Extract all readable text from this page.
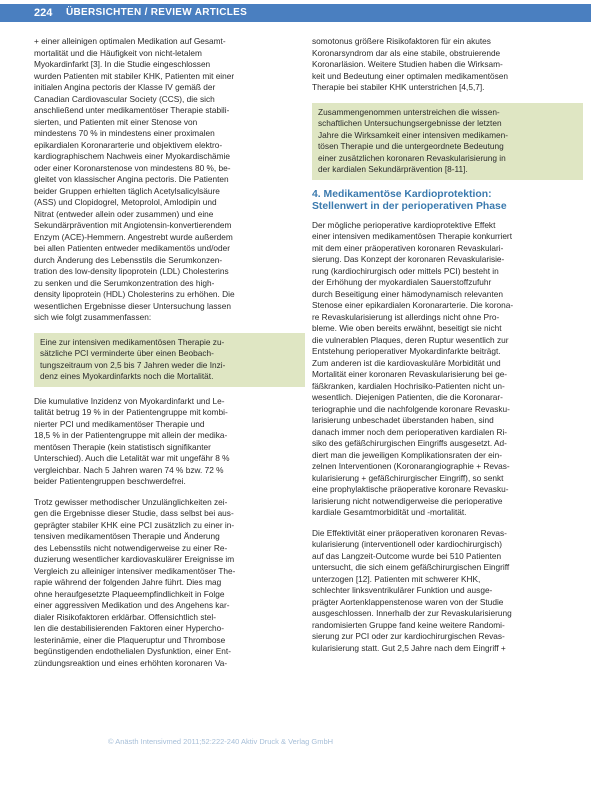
224 ÜBERSICHTEN / REVIEW ARTICLES

+ einer alleinigen optimalen Medikation auf Gesamt-
mortalität und die Häufigkeit von nicht-letalem
Myokardinfarkt [3]. In die Studie eingeschlossen
wurden Patienten mit stabiler KHK, Patienten mit einer
initialen Angina pectoris der Klasse IV gemäß der
Canadian Cardiovascular Society (CCS), die sich
anschließend unter medikamentöser Therapie stabili-
sierten, und Patienten mit einer Stenose von
mindestens 70 % in mindestens einer proximalen
epikardialen Koronararterie und objektivem elektro-
kardiographischem Nachweis einer Myokardischämie
oder einer Koronarstenose von mindestens 80 %, be-
gleitet von klassischer Angina pectoris. Die Patienten
beider Gruppen erhielten täglich Acetylsalicylsäure
(ASS) und Clopidogrel, Metoprolol, Amlodipin und
Nitrat (entweder allein oder zusammen) und eine
Sekundärprävention mit Angiotensin-konvertierendem
Enzym (ACE)-Hemmern. Angestrebt wurde außerdem
bei allen Patienten entweder medikamentös und/oder
durch Änderung des Lebensstils die Serumkonzen-
tration des low-density lipoprotein (LDL) Cholesterins
zu senken und die Serumkonzentration des high-
density lipoprotein (HDL) Cholesterins zu erhöhen. Die
wesentlichen Ergebnisse dieser Untersuchung lassen
sich wie folgt zusammenfassen:

Eine zur intensiven medikamentösen Therapie zu-
sätzliche PCI verminderte über einen Beobach-
tungszeitraum von 2,5 bis 7 Jahren weder die Inzi-
denz eines Myokardinfarkts noch die Mortalität.

Die kumulative Inzidenz von Myokardinfarkt und Le-
talität betrug 19 % in der Patientengruppe mit kombi-
nierter PCI und medikamentöser Therapie und
18,5 % in der Patientengruppe mit allein der medika-
mentösen Therapie (kein statistisch signifikanter
Unterschied). Auch die Letalität war mit ungefähr 8 %
vergleichbar. Nach 5 Jahren waren 74 % bzw. 72 %
beider Patientengruppen beschwerdefrei.

Trotz gewisser methodischer Unzulänglichkeiten zei-
gen die Ergebnisse dieser Studie, dass selbst bei aus-
geprägter stabiler KHK eine PCI zusätzlich zu einer in-
tensiven medikamentösen Therapie und Änderung
des Lebensstils nicht notwendigerweise zu einer Re-
duzierung wesentlicher kardiovaskulärer Ereignisse im
Vergleich zu alleiniger intensiver medikamentöser The-
rapie während der folgenden Jahre führt. Dies mag
ohne heraufgesetzte Plaqueempfindlichkeit in Folge
einer aggressiven Medikation und des Angehens kar-
dialer Risikofaktoren erklärbar. Offensichtlich stel-
len die destabilisierenden Faktoren einer Hypercho-
lesterinämie, einer die Plaqueruptur und Thrombose
begünstigenden endothelialen Dysfunktion, einer Ent-
zündungsreaktion und eines erhöhten koronaren Va-

somotonus größere Risikofaktoren für ein akutes
Koronarsyndrom dar als eine stabile, obstruierende
Koronarläsion. Weitere Studien haben die Wirksam-
keit und Bedeutung einer optimalen medikamentösen
Therapie bei stabiler KHK unterstrichen [4,5,7].

Zusammengenommen unterstreichen die wissen-
schaftlichen Untersuchungsergebnisse der letzten
Jahre die Wirksamkeit einer intensiven medikamen-
tösen Therapie und die untergeordnete Bedeutung
einer zusätzlichen koronaren Revaskularisierung in
der kardialen Sekundärprävention [8-11].
4. Medikamentöse Kardioprotektion:
Stellenwert in der perioperativen Phase

Der mögliche perioperative kardioprotektive Effekt
einer intensiven medikamentösen Therapie konkurriert
mit dem einer präoperativen koronaren Revaskulari-
sierung. Das Konzept der koronaren Revaskularisie-
rung (kardiochirurgisch oder mittels PCI) besteht in
der Erhöhung der myokardialen Sauerstoffzufuhr
durch Beseitigung einer hämodynamisch relevanten
Stenose einer epikardialen Koronararterie. Die korona-
re Revaskularisierung ist allerdings nicht ohne Pro-
bleme. Wie oben bereits erwähnt, beseitigt sie nicht
die vulnerablen Plaques, deren Ruptur wesentlich zur
Entstehung perioperativer Myokardinfarkte beiträgt.
Zum anderen ist die kardiovaskuläre Morbidität und
Mortalität einer koronaren Revaskularisierung bei ge-
fäßkranken, kardialen Hochrisiko-Patienten nicht un-
wesentlich. Diejenigen Patienten, die die Koronarar-
teriographie und die nachfolgende koronare Revasku-
larisierung unbeschadet überstanden haben, sind
danach immer noch dem perioperativen kardialen Ri-
siko des gefäßchirurgischen Eingriffs ausgesetzt. Ad-
diert man die jeweiligen Komplikationsraten der ein-
zelnen Interventionen (Koronarangiographie + Revas-
kularisierung + gefäßchirurgischer Eingriff), so senkt
eine prophylaktische präoperative koronare Revasku-
larisierung nicht notwendigerweise die perioperative
kardiale Gesamtmorbidität und -mortalität.

Die Effektivität einer präoperativen koronaren Revas-
kularisierung (interventionell oder kardiochirurgisch)
auf das Langzeit-Outcome wurde bei 510 Patienten
untersucht, die sich einem gefäßchirurgischen Eingriff
unterzogen [12]. Patienten mit schwerer KHK,
schlechter linksventrikulärer Funktion und ausge-
prägter Aortenklappenstenose waren von der Studie
ausgeschlossen. Innerhalb der zur Revaskularisierung
randomisierten Gruppe fand keine weitere Randomi-
sierung zur PCI oder zur kardiochirurgischen Revas-
kularisierung statt. Gut 2,5 Jahre nach dem Eingriff +

© Anästh Intensivmed 2011;52:222-240 Aktiv Druck & Verlag GmbH
